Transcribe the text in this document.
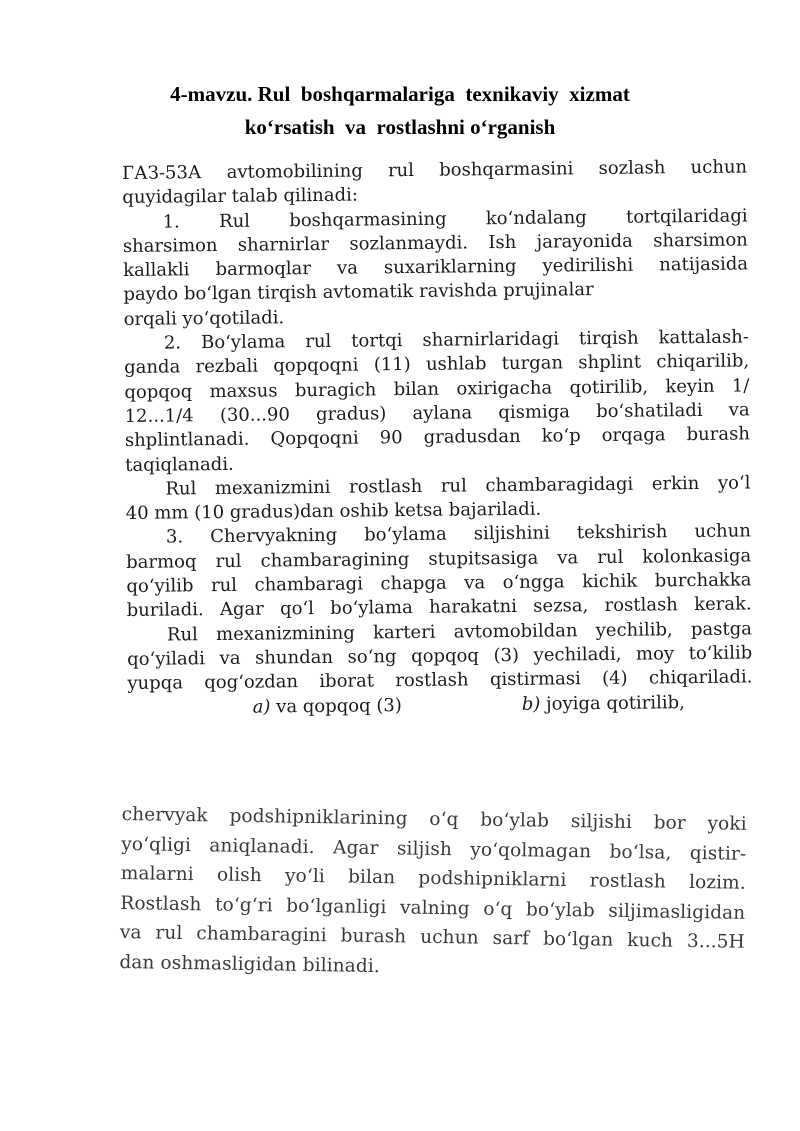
4-mavzu. Rul  boshqarmalariga  texnikaviy  xizmat
ko‘rsatish  va  rostlashni o‘rganish
ГАЗ-53А avtomobilining rul boshqarmasini sozlash uchun
quyidagilar talab qilinadi:
1. Rul boshqarmasining ko‘ndalang tortqilaridagi
sharsimon sharnirlar sozlanmaydi. Ish jarayonida sharsimon
kallakli barmoqlar va suxariklarning yedirilishi natijasida
paydo bo‘lgan tirqish avtomatik ravishda prujinalar
orqali yo‘qotiladi.
2. Bo‘ylama rul tortqi sharnirlaridagi tirqish kattalash-
ganda rezbali qopqoqni (11) ushlab turgan shplint chiqarilib,
qopqoq maxsus buragich bilan oxirigacha qotirilib, keyin 1/
12...1/4 (30...90 gradus) aylana qismiga bo‘shatiladi va
shplintlanadi. Qopqoqni 90 gradusdan ko‘p orqaga burash
taqiqlanadi.
Rul mexanizmini rostlash rul chambaragidagi erkin yo‘l
40 mm (10 gradus)dan oshib ketsa bajariladi.
3. Chervyakning bo‘ylama siljishini tekshirish uchun
barmoq rul chambaragining stupitsasiga va rul kolonkasiga
qo‘yilib rul chambaragi chapga va o‘ngga kichik burchakka
buriladi. Agar qo‘l bo‘ylama harakatni sezsa, rostlash kerak.
Rul mexanizmining karteri avtomobildan yechilib, pastga
qo‘yiladi va shundan so‘ng qopqoq (3) yechiladi, moy to‘kilib
yupqa qog‘ozdan iborat rostlash qistirmasi (4) chiqariladi.
a) va qopqoq (3)	b) joyiga qotirilib,
chervyak podshipniklarining o‘q bo‘ylab siljishi bor yoki
yo‘qligi aniqlanadi. Agar siljish yo‘qolmagan bo‘lsa, qistir-
malarni olish yo‘li bilan podshipniklarni rostlash lozim.
Rostlash to‘g‘ri bo‘lganligi valning o‘q bo‘ylab siljimasligidan
va rul chambaragini burash uchun sarf bo‘lgan kuch 3...5H
dan oshmasligidan bilinadi.
